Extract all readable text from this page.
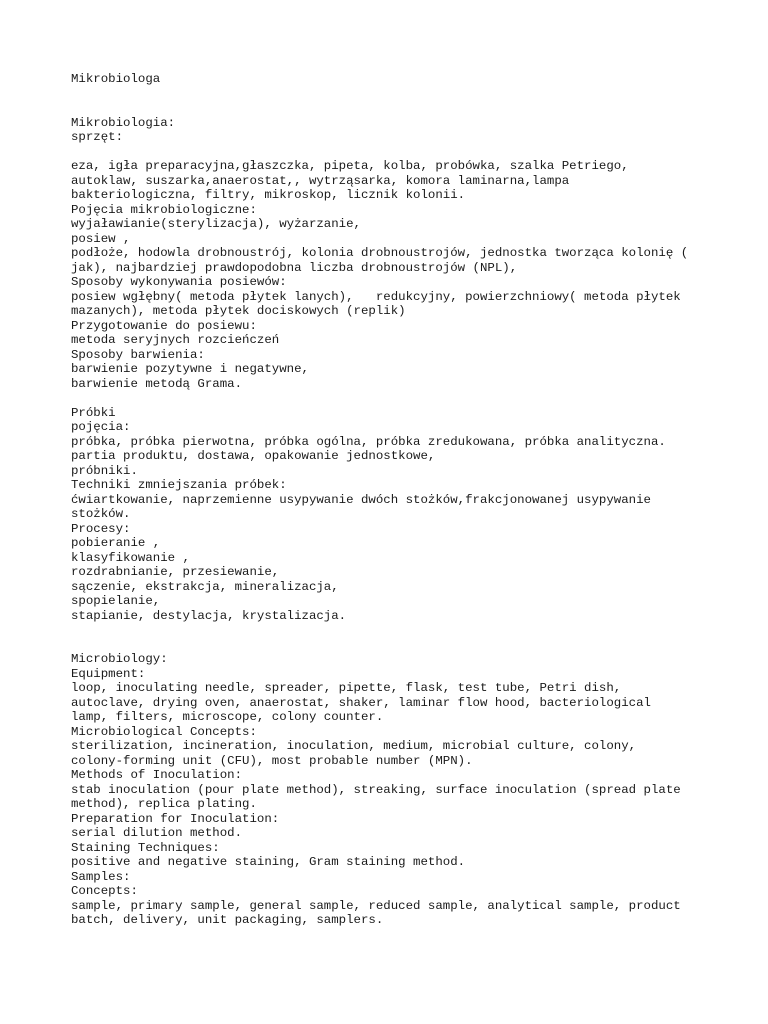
Mikrobiologa
Mikrobiologia:
sprzęt:
eza, igła preparacyjna,głaszczka, pipeta, kolba, probówka, szalka Petriego,
autoklaw, suszarka,anaerostat,, wytrząsarka, komora laminarna,lampa
bakteriologiczna, filtry, mikroskop, licznik kolonii.
Pojęcia mikrobiologiczne:
wyjaławianie(sterylizacja), wyżarzanie,
posiew ,
podłoże, hodowla drobnoustrój, kolonia drobnoustrojów, jednostka tworząca kolonię (
jak), najbardziej prawdopodobna liczba drobnoustrojów (NPL),
Sposoby wykonywania posiewów:
posiew wgłębny( metoda płytek lanych),   redukcyjny, powierzchniowy( metoda płytek
mazanych), metoda płytek dociskowych (replik)
Przygotowanie do posiewu:
metoda seryjnych rozcieńczeń
Sposoby barwienia:
barwienie pozytywne i negatywne,
barwienie metodą Grama.
Próbki
pojęcia:
próbka, próbka pierwotna, próbka ogólna, próbka zredukowana, próbka analityczna.
partia produktu, dostawa, opakowanie jednostkowe,
próbniki.
Techniki zmniejszania próbek:
ćwiartkowanie, naprzemienne usypywanie dwóch stożków,frakcjonowanej usypywanie
stożków.
Procesy:
pobieranie ,
klasyfikowanie ,
rozdrabnianie, przesiewanie,
sączenie, ekstrakcja, mineralizacja,
spopielanie,
stapianie, destylacja, krystalizacja.
Microbiology:
Equipment:
loop, inoculating needle, spreader, pipette, flask, test tube, Petri dish,
autoclave, drying oven, anaerostat, shaker, laminar flow hood, bacteriological
lamp, filters, microscope, colony counter.
Microbiological Concepts:
sterilization, incineration, inoculation, medium, microbial culture, colony,
colony-forming unit (CFU), most probable number (MPN).
Methods of Inoculation:
stab inoculation (pour plate method), streaking, surface inoculation (spread plate
method), replica plating.
Preparation for Inoculation:
serial dilution method.
Staining Techniques:
positive and negative staining, Gram staining method.
Samples:
Concepts:
sample, primary sample, general sample, reduced sample, analytical sample, product
batch, delivery, unit packaging, samplers.
